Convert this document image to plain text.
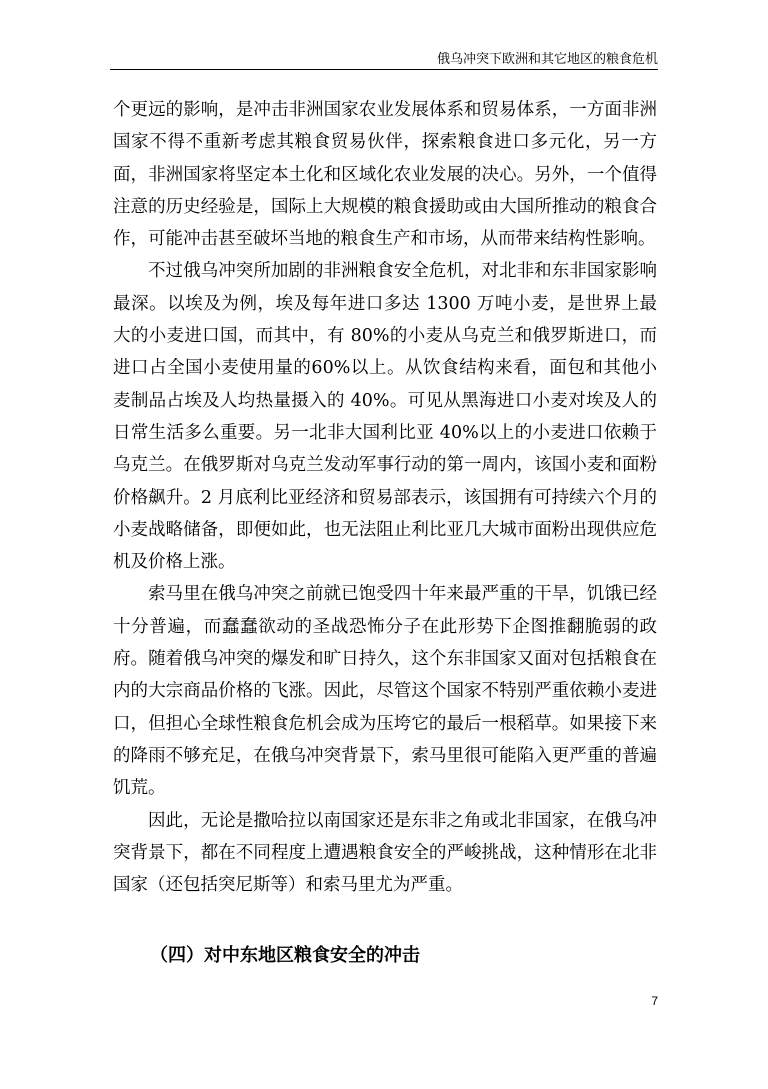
俄乌冲突下欧洲和其它地区的粮食危机

个更远的影响，是冲击非洲国家农业发展体系和贸易体系，一方面非洲国家不得不重新考虑其粮食贸易伙伴，探索粮食进口多元化，另一方面，非洲国家将坚定本土化和区域化农业发展的决心。另外，一个值得注意的历史经验是，国际上大规模的粮食援助或由大国所推动的粮食合作，可能冲击甚至破坏当地的粮食生产和市场，从而带来结构性影响。

不过俄乌冲突所加剧的非洲粮食安全危机，对北非和东非国家影响最深。以埃及为例，埃及每年进口多达 1300 万吨小麦，是世界上最大的小麦进口国，而其中，有 80%的小麦从乌克兰和俄罗斯进口，而进口占全国小麦使用量的60%以上。从饮食结构来看，面包和其他小麦制品占埃及人均热量摄入的 40%。可见从黑海进口小麦对埃及人的日常生活多么重要。另一北非大国利比亚 40%以上的小麦进口依赖于乌克兰。在俄罗斯对乌克兰发动军事行动的第一周内，该国小麦和面粉价格飙升。2 月底利比亚经济和贸易部表示，该国拥有可持续六个月的小麦战略储备，即便如此，也无法阻止利比亚几大城市面粉出现供应危机及价格上涨。

索马里在俄乌冲突之前就已饱受四十年来最严重的干旱，饥饿已经十分普遍，而蠢蠢欲动的圣战恐怖分子在此形势下企图推翻脆弱的政府。随着俄乌冲突的爆发和旷日持久，这个东非国家又面对包括粮食在内的大宗商品价格的飞涨。因此，尽管这个国家不特别严重依赖小麦进口，但担心全球性粮食危机会成为压垮它的最后一根稻草。如果接下来的降雨不够充足，在俄乌冲突背景下，索马里很可能陷入更严重的普遍饥荒。

因此，无论是撒哈拉以南国家还是东非之角或北非国家，在俄乌冲突背景下，都在不同程度上遭遇粮食安全的严峻挑战，这种情形在北非国家（还包括突尼斯等）和索马里尤为严重。

（四）对中东地区粮食安全的冲击
7
